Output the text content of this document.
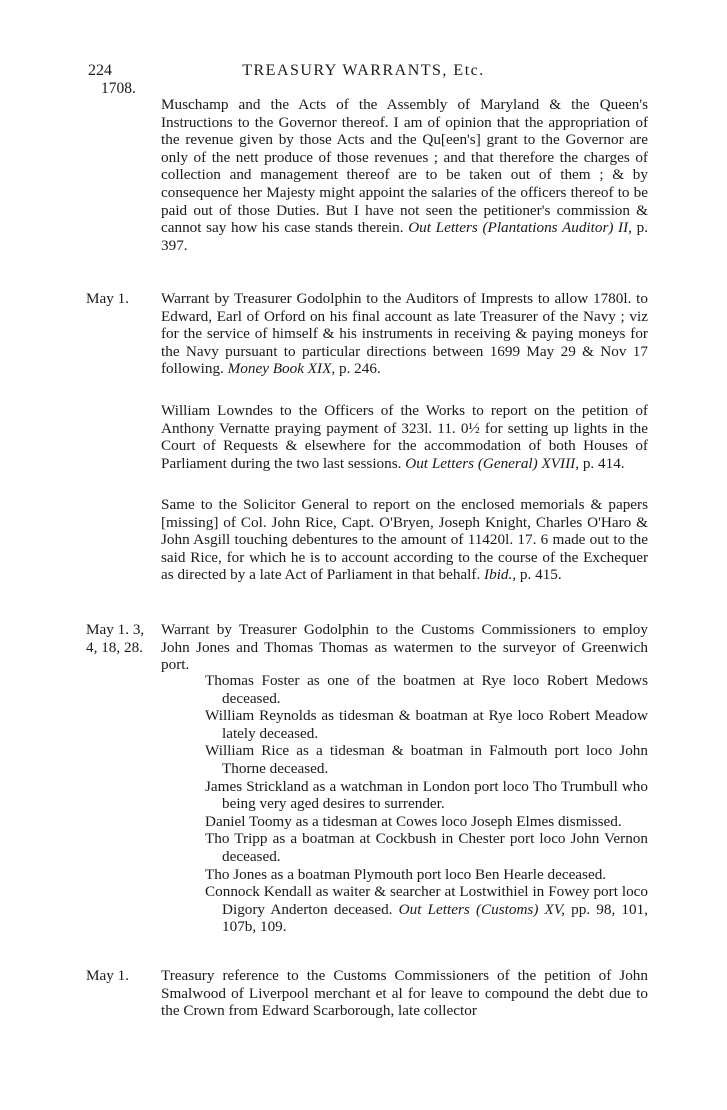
224	TREASURY WARRANTS, Etc.
1708.

Muschamp and the Acts of the Assembly of Maryland & the Queen's Instructions to the Governor thereof. I am of opinion that the appropriation of the revenue given by those Acts and the Qu[een's] grant to the Governor are only of the nett produce of those revenues ; and that therefore the charges of collection and management thereof are to be taken out of them ; & by consequence her Majesty might appoint the salaries of the officers thereof to be paid out of those Duties. But I have not seen the petitioner's commission & cannot say how his case stands therein. Out Letters (Plantations Auditor) II, p. 397.

May 1. Warrant by Treasurer Godolphin to the Auditors of Imprests to allow 1780l. to Edward, Earl of Orford on his final account as late Treasurer of the Navy ; viz for the service of himself & his instruments in receiving & paying moneys for the Navy pursuant to particular directions between 1699 May 29 & Nov 17 following. Money Book XIX, p. 246.

William Lowndes to the Officers of the Works to report on the petition of Anthony Vernatte praying payment of 323l. 11. 0½ for setting up lights in the Court of Requests & elsewhere for the accommodation of both Houses of Parliament during the two last sessions. Out Letters (General) XVIII, p. 414.

Same to the Solicitor General to report on the enclosed memorials & papers [missing] of Col. John Rice, Capt. O'Bryen, Joseph Knight, Charles O'Haro & John Asgill touching debentures to the amount of 11420l. 17. 6 made out to the said Rice, for which he is to account according to the course of the Exchequer as directed by a late Act of Parliament in that behalf. Ibid., p. 415.

May 1. 3, 4, 18, 28.

Warrant by Treasurer Godolphin to the Customs Commissioners to employ John Jones and Thomas Thomas as watermen to the surveyor of Greenwich port.

Thomas Foster as one of the boatmen at Rye loco Robert Medows deceased.

William Reynolds as tidesman & boatman at Rye loco Robert Meadow lately deceased.

William Rice as a tidesman & boatman in Falmouth port loco John Thorne deceased.

James Strickland as a watchman in London port loco Tho Trumbull who being very aged desires to surrender.

Daniel Toomy as a tidesman at Cowes loco Joseph Elmes dismissed.

Tho Tripp as a boatman at Cockbush in Chester port loco John Vernon deceased.

Tho Jones as a boatman Plymouth port loco Ben Hearle deceased.

Connock Kendall as waiter & searcher at Lostwithiel in Fowey port loco Digory Anderton deceased. Out Letters (Customs) XV, pp. 98, 101, 107b, 109.

May 1. Treasury reference to the Customs Commissioners of the petition of John Smalwood of Liverpool merchant et al for leave to compound the debt due to the Crown from Edward Scarborough, late collector
